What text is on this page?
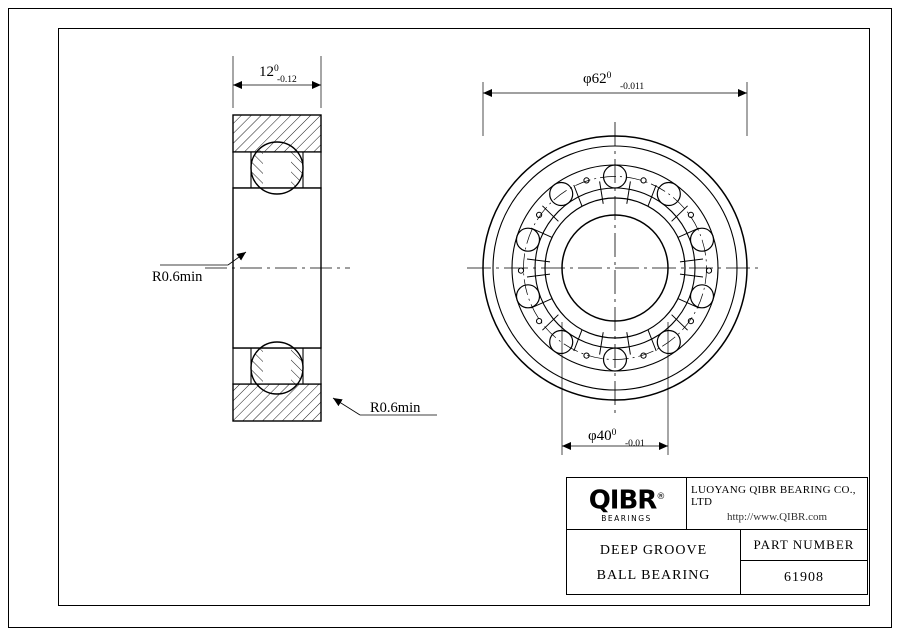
$12^0$ -0.12	$\varphi 62^0-0.011$
$\varphi 40^0-0.01$
R0.6min
R0.6min
QIBR®
BEARINGS
LUOYANG QIBR BEARING CO., LTD
http://www.QIBR.com
DEEP GROOVE
BALL BEARING
PART NUMBER
61908
